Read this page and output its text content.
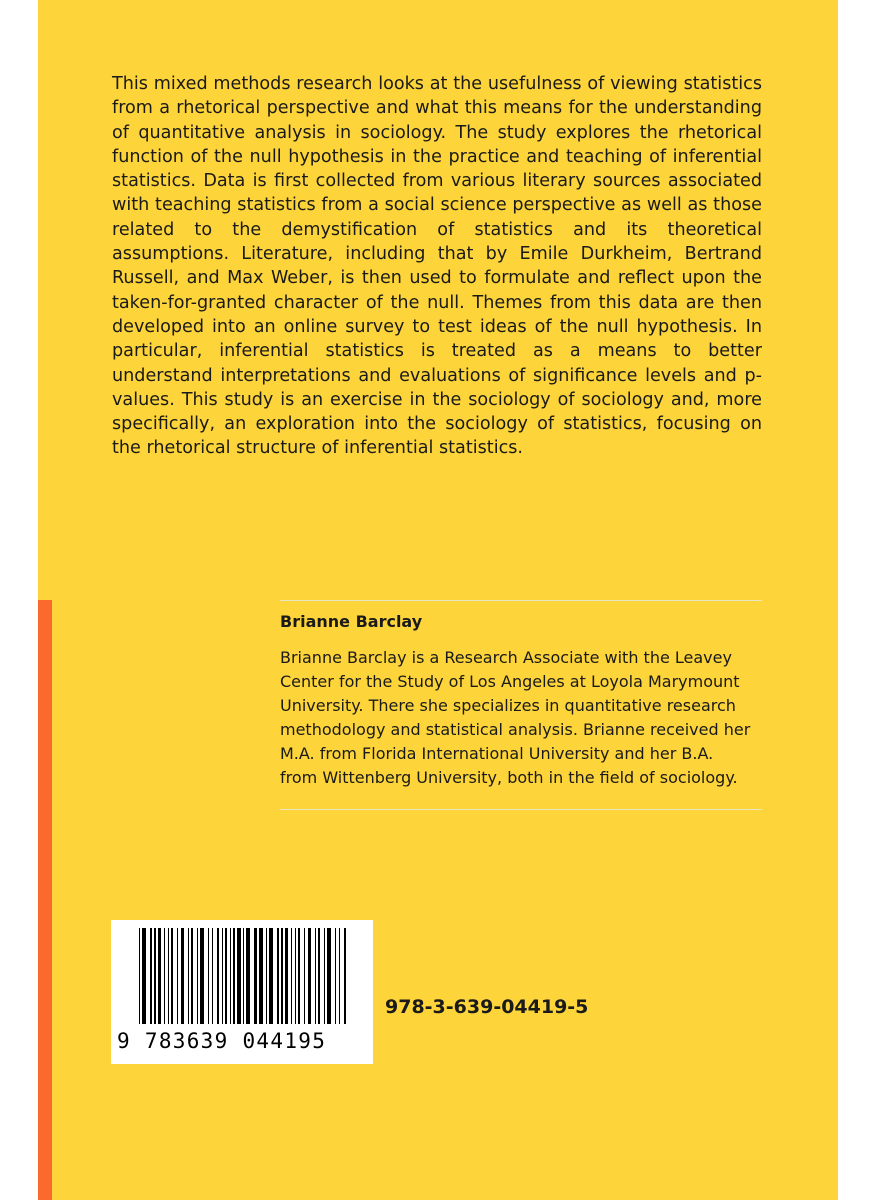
This mixed methods research looks at the usefulness of viewing statistics from a rhetorical perspective and what this means for the understanding of quantitative analysis in sociology. The study explores the rhetorical function of the null hypothesis in the practice and teaching of inferential statistics. Data is first collected from various literary sources associated with teaching statistics from a social science perspective as well as those related to the demystification of statistics and its theoretical assumptions. Literature, including that by Emile Durkheim, Bertrand Russell, and Max Weber, is then used to formulate and reflect upon the taken-for-granted character of the null. Themes from this data are then developed into an online survey to test ideas of the null hypothesis. In particular, inferential statistics is treated as a means to better understand interpretations and evaluations of significance levels and p-values. This study is an exercise in the sociology of sociology and, more specifically, an exploration into the sociology of statistics, focusing on the rhetorical structure of inferential statistics.

Brianne Barclay

Brianne Barclay is a Research Associate with the Leavey
Center for the Study of Los Angeles at Loyola Marymount
University. There she specializes in quantitative research
methodology and statistical analysis. Brianne received her
M.A. from Florida International University and her B.A.
from Wittenberg University, both in the field of sociology.

9 783639 044195
978-3-639-04419-5
